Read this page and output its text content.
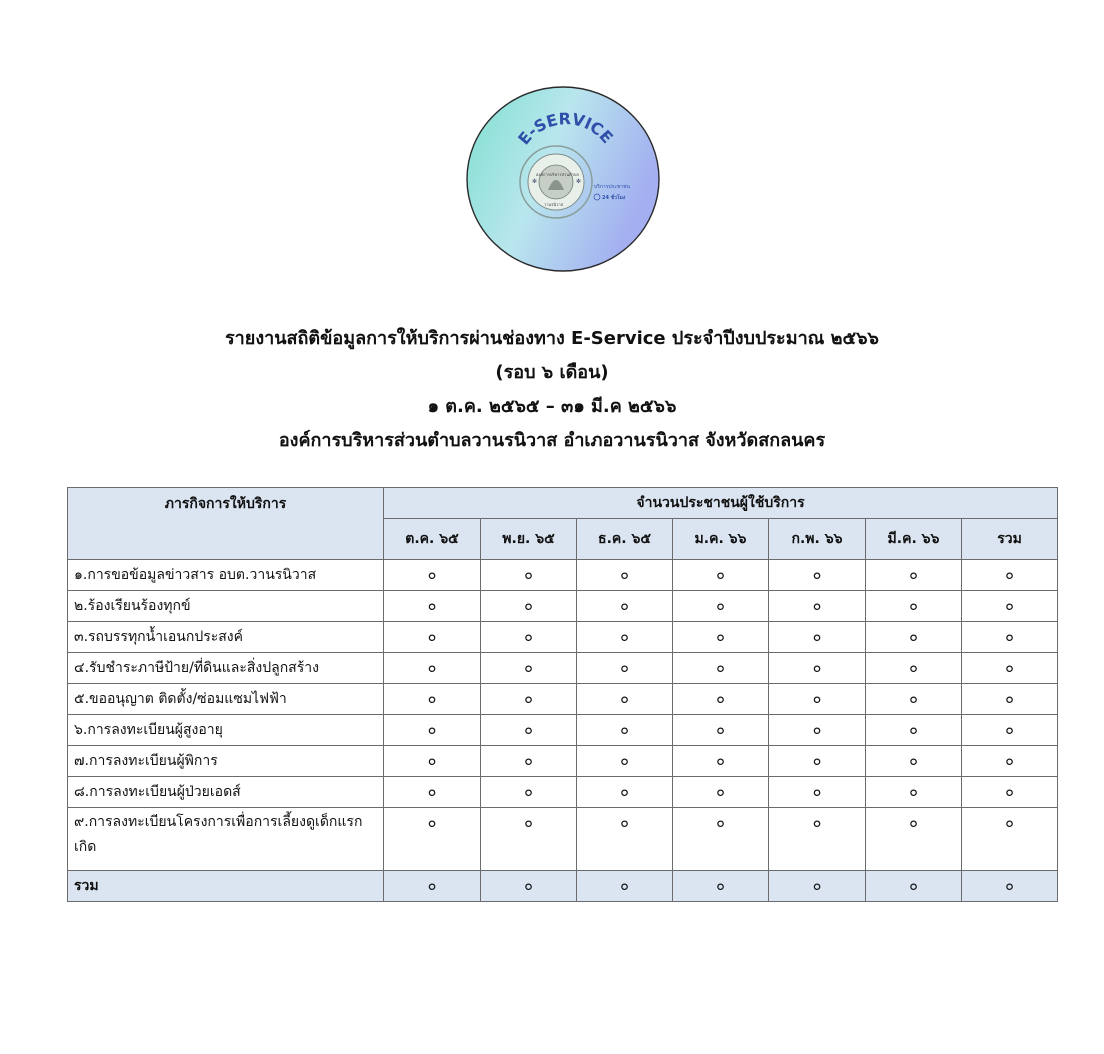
องค์การบริหารส่วนตำบล
วานรนิวาส
E-SERVICE
บริการประชาชน
24 ชั่วโมง
✻	✻
รายงานสถิติข้อมูลการให้บริการผ่านช่องทาง E-Service ประจำปีงบประมาณ ๒๕๖๖
(รอบ ๖ เดือน)
๑ ต.ค. ๒๕๖๕ – ๓๑ มี.ค ๒๕๖๖
องค์การบริหารส่วนตำบลวานรนิวาส อำเภอวานรนิวาส จังหวัดสกลนคร
ภารกิจการให้บริการ	จำนวนประชาชนผู้ใช้บริการ						
	ต.ค. ๖๕	พ.ย. ๖๕	ธ.ค. ๖๕	ม.ค. ๖๖	ก.พ. ๖๖	มี.ค. ๖๖	รวม
๑.การขอข้อมูลข่าวสาร อบต.วานรนิวาส	๐	๐	๐	๐	๐	๐	๐
๒.ร้องเรียนร้องทุกข์	๐	๐	๐	๐	๐	๐	๐
๓.รถบรรทุกน้ำเอนกประสงค์	๐	๐	๐	๐	๐	๐	๐
๔.รับชำระภาษีป้าย/ที่ดินและสิ่งปลูกสร้าง	๐	๐	๐	๐	๐	๐	๐
๕.ขออนุญาต ติดตั้ง/ซ่อมแซมไฟฟ้า	๐	๐	๐	๐	๐	๐	๐
๖.การลงทะเบียนผู้สูงอายุ	๐	๐	๐	๐	๐	๐	๐
๗.การลงทะเบียนผู้พิการ	๐	๐	๐	๐	๐	๐	๐
๘.การลงทะเบียนผู้ป่วยเอดส์	๐	๐	๐	๐	๐	๐	๐
๙.การลงทะเบียนโครงการเพื่อการเลี้ยงดูเด็กแรกเกิด	๐	๐	๐	๐	๐	๐	๐
รวม	๐	๐	๐	๐	๐	๐	๐
